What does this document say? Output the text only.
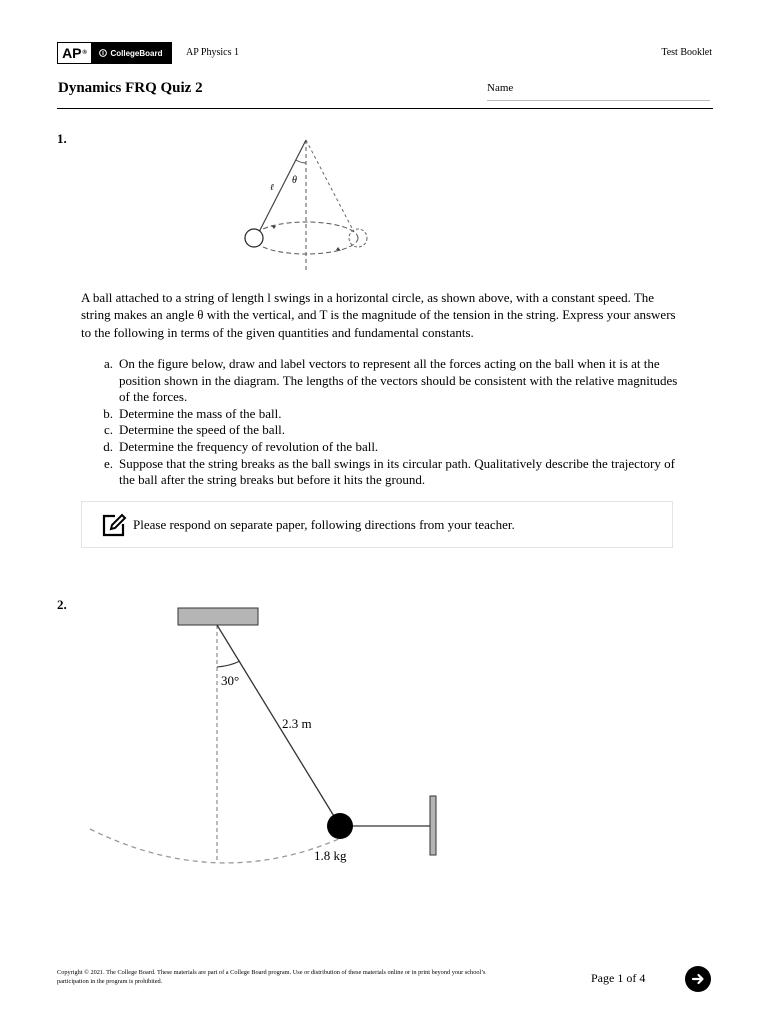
AP ®	CollegeBoard AP Physics 1	Test Booklet
Dynamics FRQ Quiz 2	Name
1.
θ
ℓ

A ball attached to a string of length l swings in a horizontal circle, as shown above, with a constant speed. The string makes an angle θ with the vertical, and T is the magnitude of the tension in the string. Express your answers to the following in terms of the given quantities and fundamental constants.

a. On the figure below, draw and label vectors to represent all the forces acting on the ball when it is at the position shown in the diagram. The lengths of the vectors should be consistent with the relative magnitudes of the forces.
b. Determine the mass of the ball.
c. Determine the speed of the ball.
d. Determine the frequency of revolution of the ball.
e. Suppose that the string breaks as the ball swings in its circular path. Qualitatively describe the trajectory of the ball after the string breaks but before it hits the ground.
Please respond on separate paper, following directions from your teacher.
2.
30°
2.3 m
1.8 kg
Copyright © 2021. The College Board. These materials are part of a College Board program. Use or distribution of these materials online or in print beyond your school’s participation in the program is prohibited.	Page 1 of 4
